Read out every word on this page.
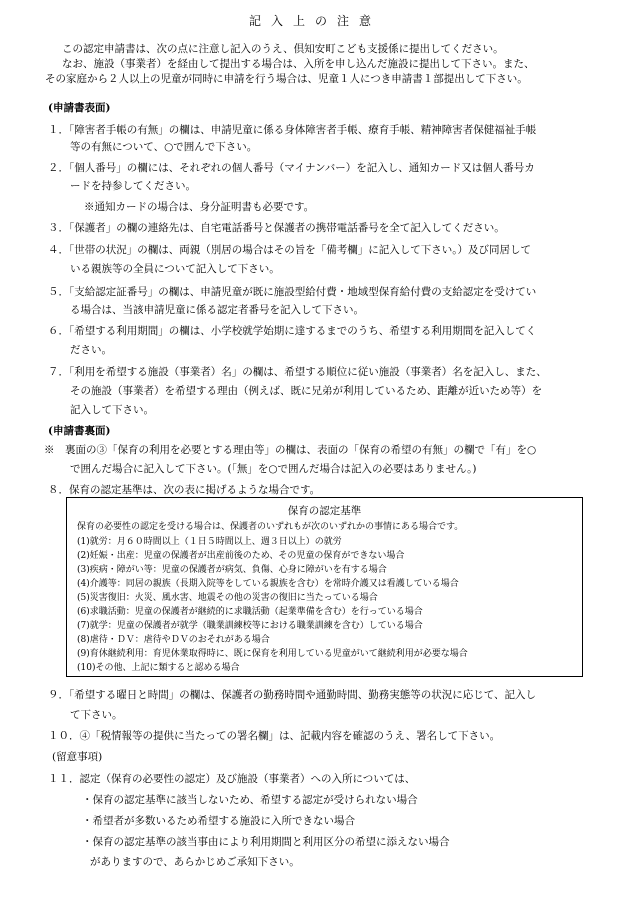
記入上の注意
この認定申請書は、次の点に注意し記入のうえ、倶知安町こども支援係に提出してください。
なお、施設（事業者）を経由して提出する場合は、入所を申し込んだ施設に提出して下さい。また、
その家庭から２人以上の児童が同時に申請を行う場合は、児童１人につき申請書１部提出して下さい。
(申請書表面)
１．「障害者手帳の有無」の欄は、申請児童に係る身体障害者手帳、療育手帳、精神障害者保健福祉手帳
等の有無について、○で囲んで下さい。
２．「個人番号」の欄には、それぞれの個人番号（マイナンバー）を記入し、通知カード又は個人番号カ
ードを持参してください。
※通知カードの場合は、身分証明書も必要です。
３．「保護者」の欄の連絡先は、自宅電話番号と保護者の携帯電話番号を全て記入してください。
４．「世帯の状況」の欄は、両親（別居の場合はその旨を「備考欄」に記入して下さい。）及び同居して
いる親族等の全員について記入して下さい。
５．「支給認定証番号」の欄は、申請児童が既に施設型給付費・地域型保育給付費の支給認定を受けてい
る場合は、当該申請児童に係る認定者番号を記入して下さい。
６．「希望する利用期間」の欄は、小学校就学始期に達するまでのうち、希望する利用期間を記入してく
ださい。
７．「利用を希望する施設（事業者）名」の欄は、希望する順位に従い施設（事業者）名を記入し、また、
その施設（事業者）を希望する理由（例えば、既に兄弟が利用しているため、距離が近いため等）を
記入して下さい。
(申請書裏面)
※　裏面の③「保育の利用を必要とする理由等」の欄は、表面の「保育の希望の有無」の欄で「有」を○
で囲んだ場合に記入して下さい。(「無」を○で囲んだ場合は記入の必要はありません。)
８．保育の認定基準は、次の表に掲げるような場合です。
保育の認定基準
保育の必要性の認定を受ける場合は、保護者のいずれもが次のいずれかの事情にある場合です。
(1)就労：月６０時間以上（１日５時間以上、週３日以上）の就労
(2)妊娠・出産：児童の保護者が出産前後のため、その児童の保育ができない場合
(3)疾病・障がい等：児童の保護者が病気、負傷、心身に障がいを有する場合
(4)介護等：同居の親族（長期入院等をしている親族を含む）を常時介護又は看護している場合
(5)災害復旧：火災、風水害、地震その他の災害の復旧に当たっている場合
(6)求職活動：児童の保護者が継続的に求職活動（起業準備を含む）を行っている場合
(7)就学：児童の保護者が就学（職業訓練校等における職業訓練を含む）している場合
(8)虐待・ＤＶ：虐待やＤＶのおそれがある場合
(9)育休継続利用：育児休業取得時に、既に保育を利用している児童がいて継続利用が必要な場合
(10)その他、上記に類すると認める場合
９．「希望する曜日と時間」の欄は、保護者の勤務時間や通勤時間、勤務実態等の状況に応じて、記入し
て下さい。
１０．④「税情報等の提供に当たっての署名欄」は、記載内容を確認のうえ、署名して下さい。
(留意事項)
１１．認定（保育の必要性の認定）及び施設（事業者）への入所については、
・保育の認定基準に該当しないため、希望する認定が受けられない場合
・希望者が多数いるため希望する施設に入所できない場合
・保育の認定基準の該当事由により利用期間と利用区分の希望に添えない場合
がありますので、あらかじめご承知下さい。
